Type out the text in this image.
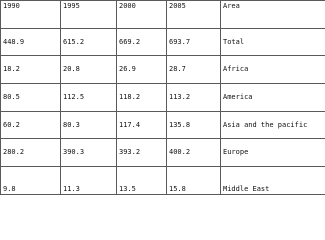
1990	1995	2000	2005	Area
448.9	615.2	669.2	693.7	Total
18.2	20.8	26.9	28.7	Africa
80.5	112.5	118.2	113.2	America
60.2	80.3	117.4	135.8	Asia and the pacific
280.2	390.3	393.2	400.2	Europe
9.8	11.3	13.5	15.8	Middle East
